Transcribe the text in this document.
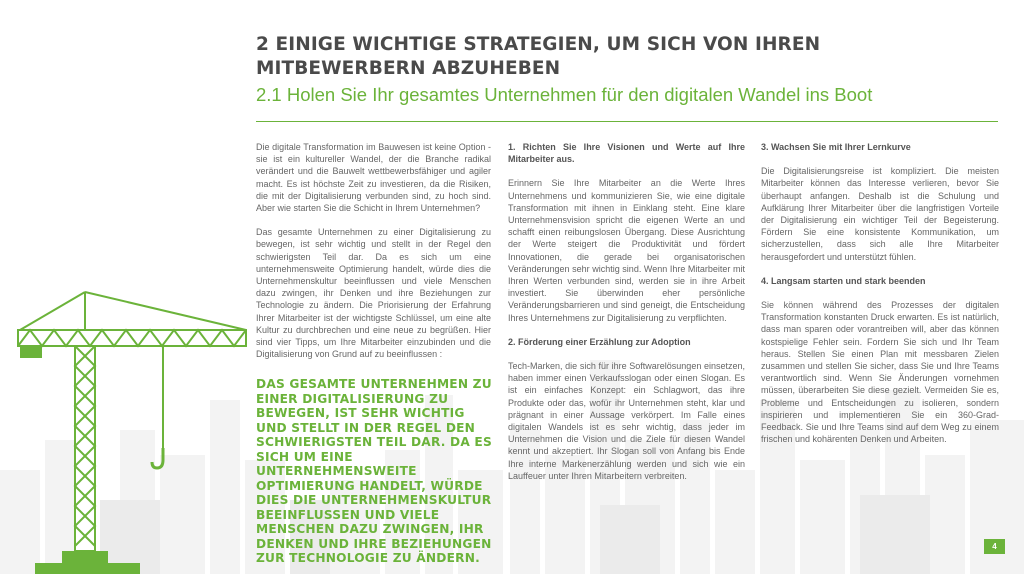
2 EINIGE WICHTIGE STRATEGIEN, UM SICH VON IHREN MITBEWERBERN ABZUHEBEN
2.1 Holen Sie Ihr gesamtes Unternehmen für den digitalen Wandel ins Boot

Die digitale Transformation im Bauwesen ist keine Option - sie ist ein kultureller Wandel, der die Branche radikal verändert und die Bauwelt wettbewerbsfähiger und agiler macht. Es ist höchste Zeit zu investieren, da die Risiken, die mit der Digitalisierung verbunden sind, zu hoch sind. Aber wie starten Sie die Schicht in Ihrem Unternehmen?

Das gesamte Unternehmen zu einer Digitalisierung zu bewegen, ist sehr wichtig und stellt in der Regel den schwierigsten Teil dar. Da es sich um eine unternehmensweite Optimierung handelt, würde dies die Unternehmenskultur beeinflussen und viele Menschen dazu zwingen, ihr Denken und ihre Beziehungen zur Technologie zu ändern. Die Priorisierung der Erfahrung Ihrer Mitarbeiter ist der wichtigste Schlüssel, um eine alte Kultur zu durchbrechen und eine neue zu begrüßen. Hier sind vier Tipps, um Ihre Mitarbeiter einzubinden und die Digitalisierung von Grund auf zu beeinflussen :

DAS GESAMTE UNTERNEHMEN ZU EINER DIGITALISIERUNG ZU BEWEGEN, IST SEHR WICHTIG UND STELLT IN DER REGEL DEN SCHWIERIGSTEN TEIL DAR. DA ES SICH UM EINE UNTERNEHMENSWEITE OPTIMIERUNG HANDELT, WÜRDE DIES DIE UNTERNEHMENSKULTUR BEEINFLUSSEN UND VIELE MENSCHEN DAZU ZWINGEN, IHR DENKEN UND IHRE BEZIEHUNGEN ZUR TECHNOLOGIE ZU ÄNDERN.
1. Richten Sie Ihre Visionen und Werte auf Ihre Mitarbeiter aus.

Erinnern Sie Ihre Mitarbeiter an die Werte Ihres Unternehmens und kommunizieren Sie, wie eine digitale Transformation mit ihnen in Einklang steht. Eine klare Unternehmensvision spricht die eigenen Werte an und schafft einen reibungslosen Übergang. Diese Ausrichtung der Werte steigert die Produktivität und fördert Innovationen, die gerade bei organisatorischen Veränderungen sehr wichtig sind. Wenn Ihre Mitarbeiter mit Ihren Werten verbunden sind, werden sie in ihre Arbeit investiert. Sie überwinden eher persönliche Veränderungsbarrieren und sind geneigt, die Entscheidung Ihres Unternehmens zur Digitalisierung zu verpflichten.

2. Förderung einer Erzählung zur Adoption

Tech-Marken, die sich für ihre Softwarelösungen einsetzen, haben immer einen Verkaufsslogan oder einen Slogan. Es ist ein einfaches Konzept: ein Schlagwort, das ihre Produkte oder das, wofür ihr Unternehmen steht, klar und prägnant in einer Aussage verkörpert. Im Falle eines digitalen Wandels ist es sehr wichtig, dass jeder im Unternehmen die Vision und die Ziele für diesen Wandel kennt und akzeptiert. Ihr Slogan soll von Anfang bis Ende Ihre interne Markenerzählung werden und sich wie ein Lauffeuer unter Ihren Mitarbeitern verbreiten.

3. Wachsen Sie mit Ihrer Lernkurve

Die Digitalisierungsreise ist kompliziert. Die meisten Mitarbeiter können das Interesse verlieren, bevor Sie überhaupt anfangen. Deshalb ist die Schulung und Aufklärung Ihrer Mitarbeiter über die langfristigen Vorteile der Digitalisierung ein wichtiger Teil der Begeisterung. Fördern Sie eine konsistente Kommunikation, um sicherzustellen, dass sich alle Ihre Mitarbeiter herausgefordert und unterstützt fühlen.

4. Langsam starten und stark beenden

Sie können während des Prozesses der digitalen Transformation konstanten Druck erwarten. Es ist natürlich, dass man sparen oder vorantreiben will, aber das können kostspielige Fehler sein. Fordern Sie sich und Ihr Team heraus. Stellen Sie einen Plan mit messbaren Zielen zusammen und stellen Sie sicher, dass Sie und Ihre Teams verantwortlich sind. Wenn Sie Änderungen vornehmen müssen, überarbeiten Sie diese gezielt. Vermeiden Sie es, Probleme und Entscheidungen zu isolieren, sondern inspirieren und implementieren Sie ein 360-Grad-Feedback. Sie und Ihre Teams sind auf dem Weg zu einem frischen und kohärenten Denken und Arbeiten.

4
